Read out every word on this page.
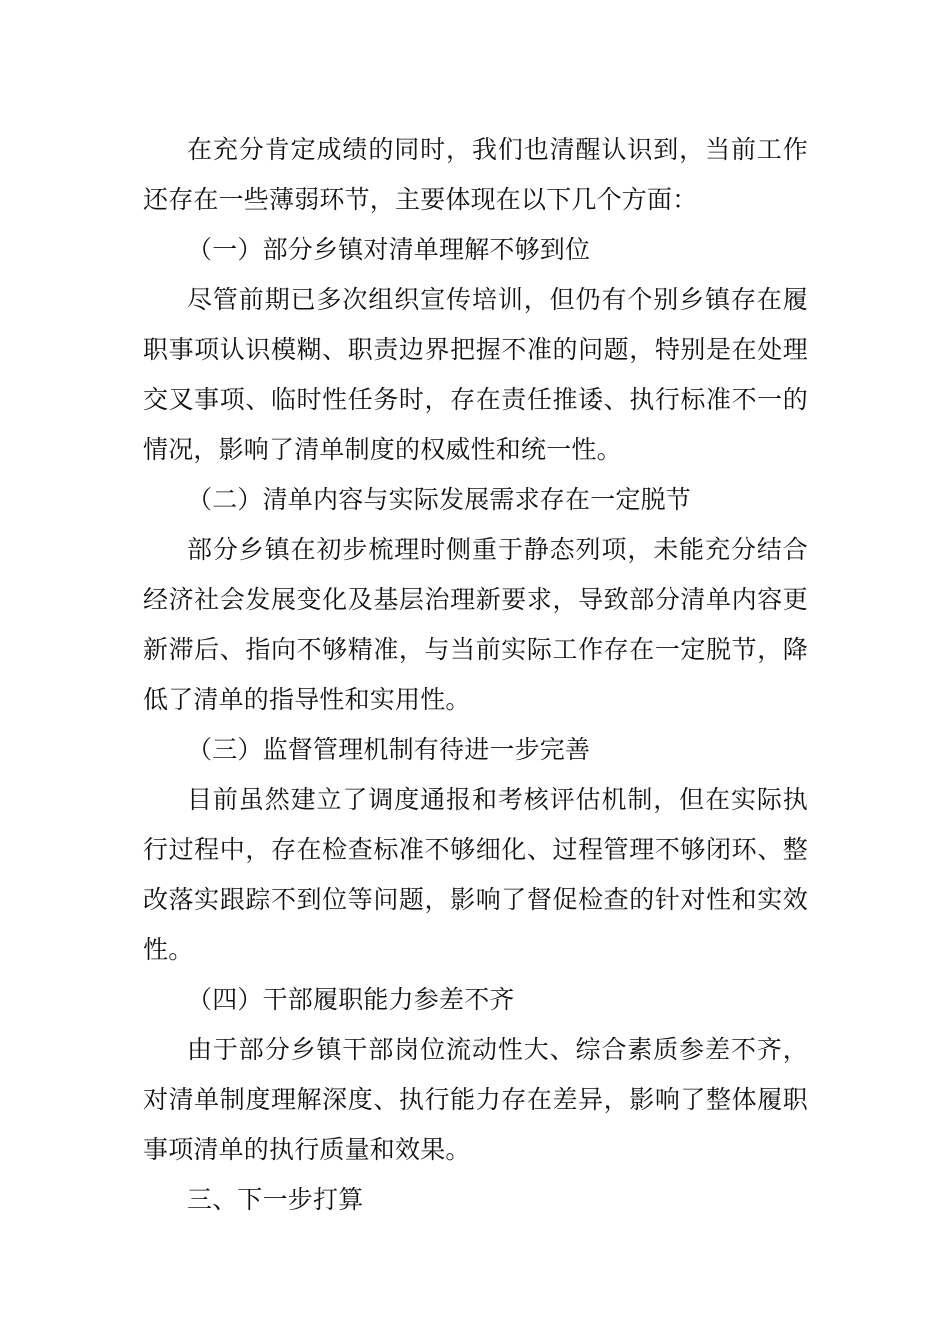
在充分肯定成绩的同时，我们也清醒认识到，当前工作还存在一些薄弱环节，主要体现在以下几个方面：

（一）部分乡镇对清单理解不够到位

尽管前期已多次组织宣传培训，但仍有个别乡镇存在履职事项认识模糊、职责边界把握不准的问题，特别是在处理交叉事项、临时性任务时，存在责任推诿、执行标准不一的情况，影响了清单制度的权威性和统一性。

（二）清单内容与实际发展需求存在一定脱节

部分乡镇在初步梳理时侧重于静态列项，未能充分结合经济社会发展变化及基层治理新要求，导致部分清单内容更新滞后、指向不够精准，与当前实际工作存在一定脱节，降低了清单的指导性和实用性。

（三）监督管理机制有待进一步完善

目前虽然建立了调度通报和考核评估机制，但在实际执行过程中，存在检查标准不够细化、过程管理不够闭环、整改落实跟踪不到位等问题，影响了督促检查的针对性和实效性。

（四）干部履职能力参差不齐

由于部分乡镇干部岗位流动性大、综合素质参差不齐，对清单制度理解深度、执行能力存在差异，影响了整体履职事项清单的执行质量和效果。

三、下一步打算
